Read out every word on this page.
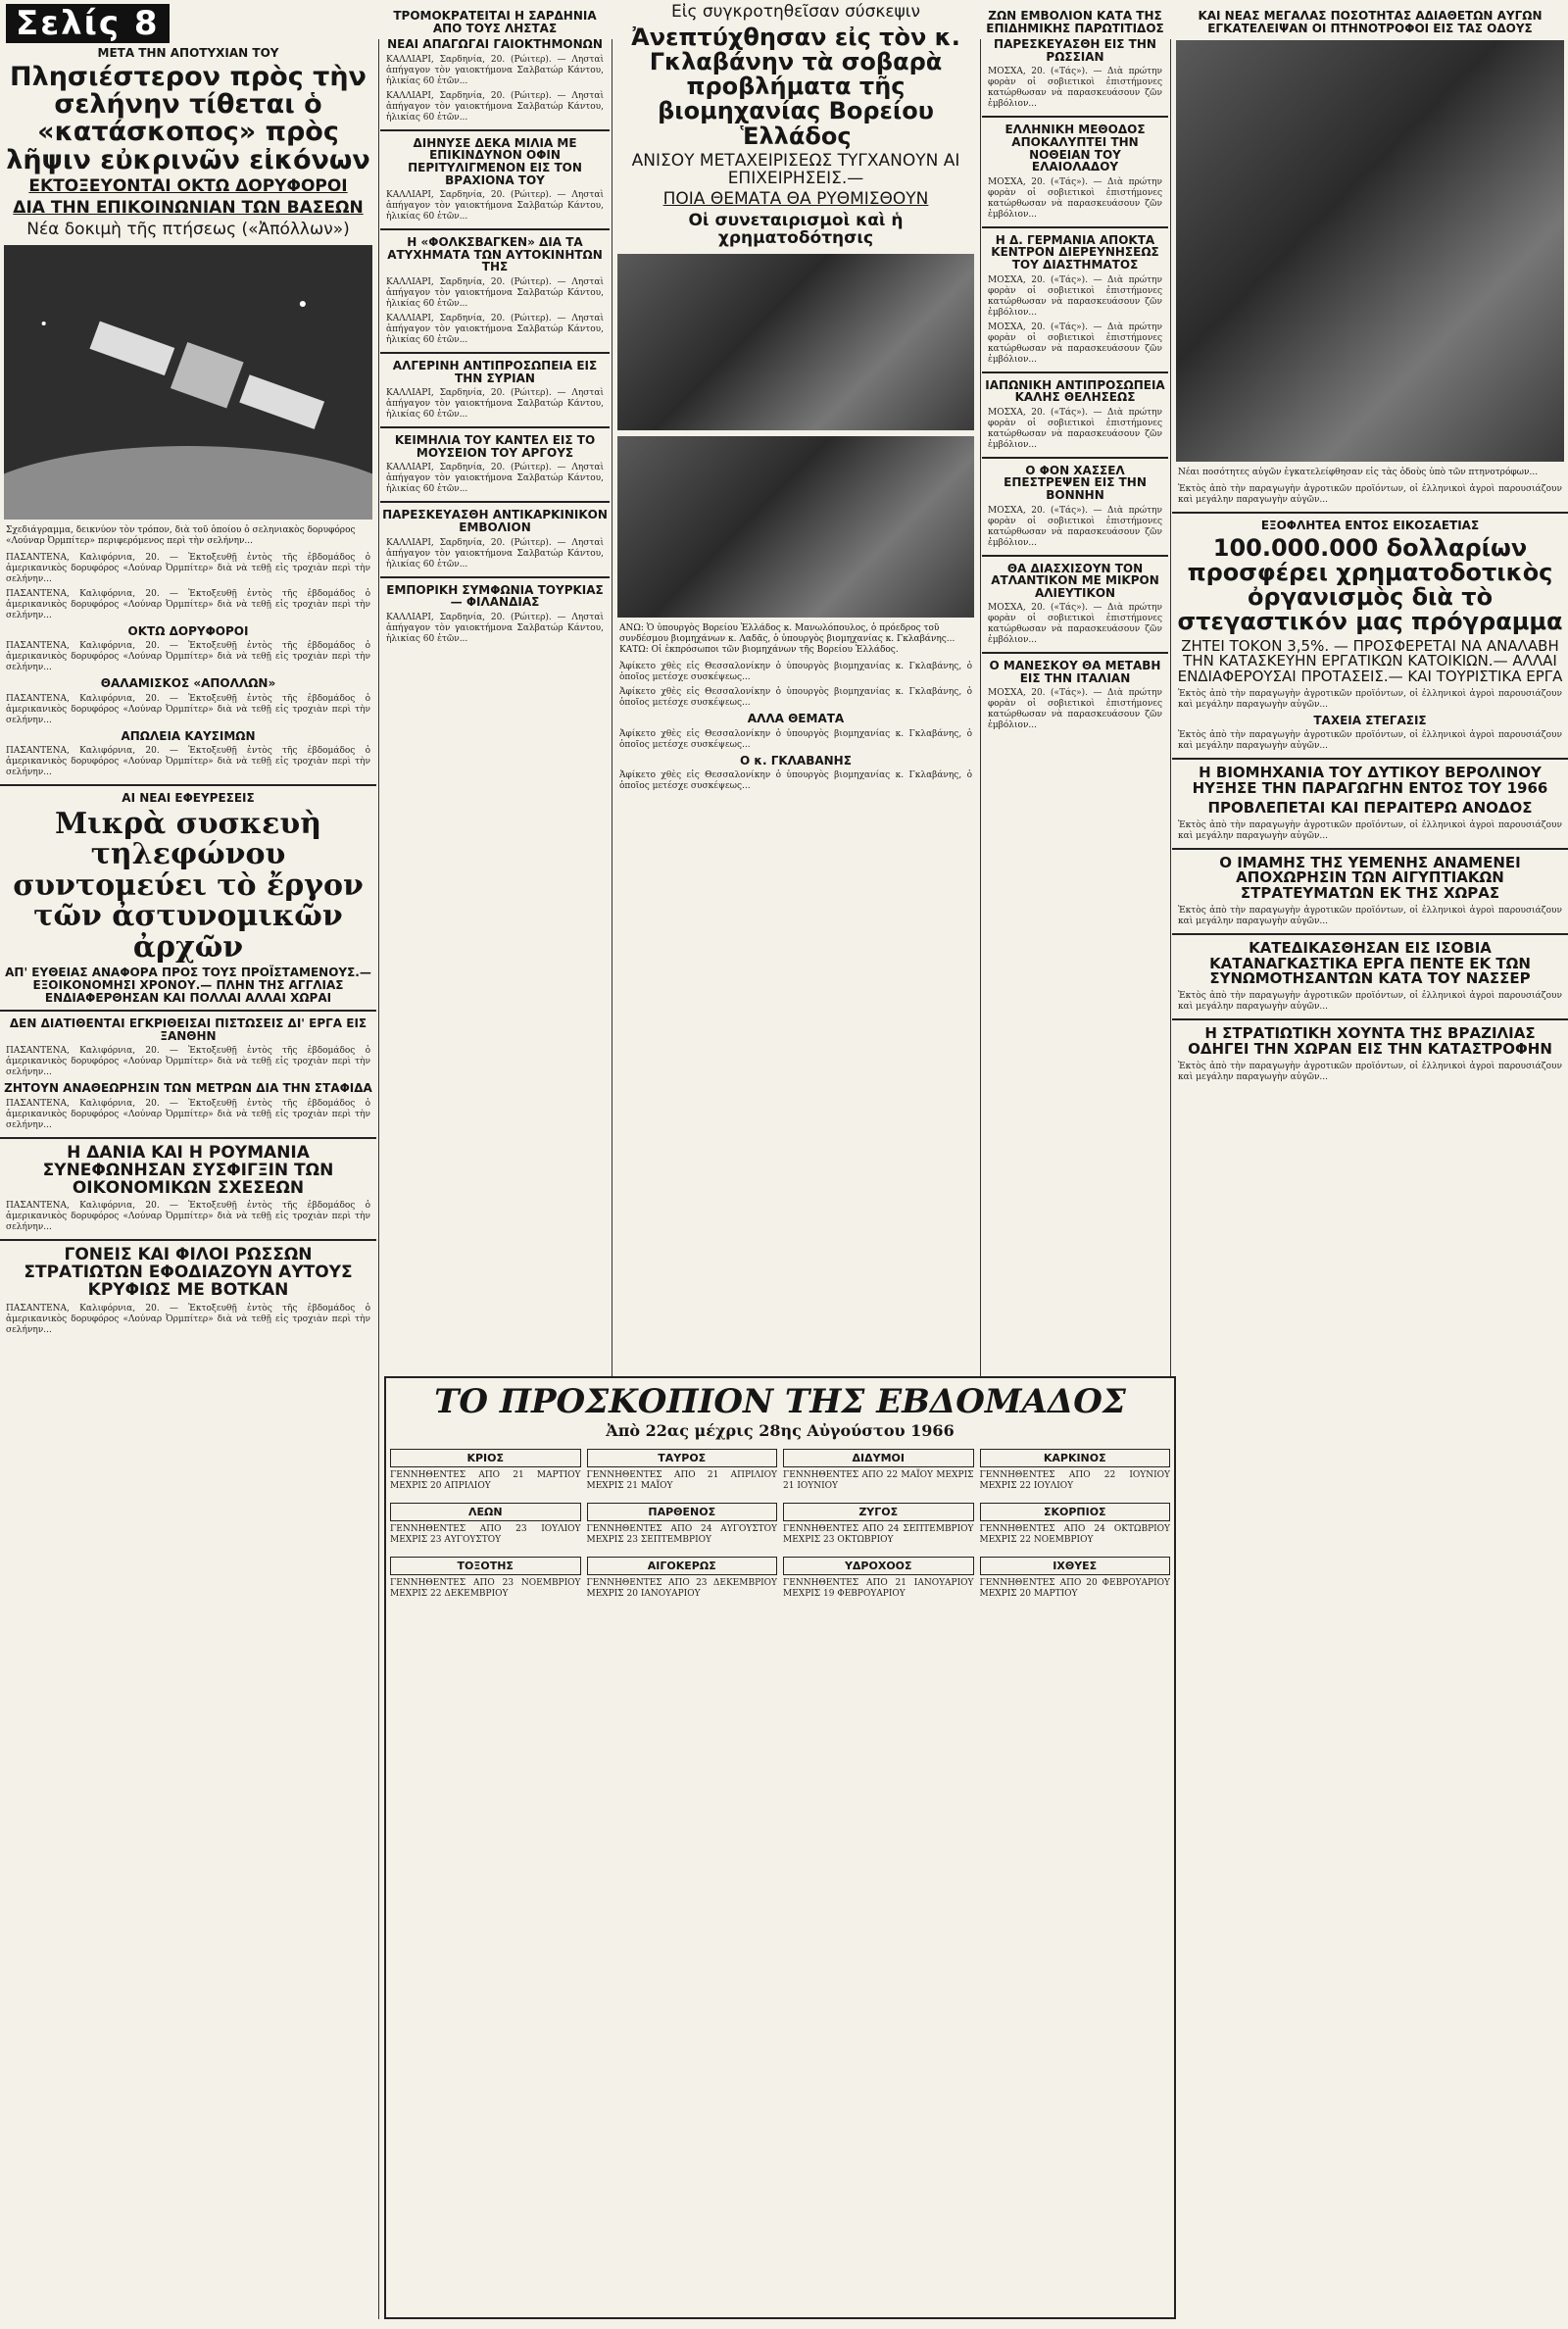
Σελίς 8
ΜΕΤΑ ΤΗΝ ΑΠΟΤΥΧΙΑΝ ΤΟΥ
Πλησιέστερον πρὸς τὴν σελήνην τίθεται ὁ «κατάσκοπος» πρὸς λῆψιν εὐκρινῶν εἰκόνων
ΕΚΤΟΞΕΥΟΝΤΑΙ ΟΚΤΩ ΔΟΡΥΦΟΡΟΙ
ΔΙΑ ΤΗΝ ΕΠΙΚΟΙΝΩΝΙΑΝ ΤΩΝ ΒΑΣΕΩΝ
Νέα δοκιμὴ τῆς πτήσεως («Ἀπόλλων»)
Σχεδιάγραμμα, δεικνύον τὸν τρόπον, διὰ τοῦ ὁποίου ὁ σεληνιακὸς δορυφόρος «Λούναρ Ὀρμπίτερ» περιφερόμενος περὶ τὴν σελήνην...
ΠΑΣΑΝΤΕΝΑ, Καλιφόρνια, 20. — Ἐκτοξευθῇ ἐντὸς τῆς ἑβδομάδος ὁ ἀμερικανικὸς δορυφόρος «Λούναρ Ὀρμπίτερ» διὰ νὰ τεθῇ εἰς τροχιὰν περὶ τὴν σελήνην...
ΠΑΣΑΝΤΕΝΑ, Καλιφόρνια, 20. — Ἐκτοξευθῇ ἐντὸς τῆς ἑβδομάδος ὁ ἀμερικανικὸς δορυφόρος «Λούναρ Ὀρμπίτερ» διὰ νὰ τεθῇ εἰς τροχιὰν περὶ τὴν σελήνην...
ΟΚΤΩ ΔΟΡΥΦΟΡΟΙ
ΠΑΣΑΝΤΕΝΑ, Καλιφόρνια, 20. — Ἐκτοξευθῇ ἐντὸς τῆς ἑβδομάδος ὁ ἀμερικανικὸς δορυφόρος «Λούναρ Ὀρμπίτερ» διὰ νὰ τεθῇ εἰς τροχιὰν περὶ τὴν σελήνην...
ΘΑΛΑΜΙΣΚΟΣ «ΑΠΟΛΛΩΝ»
ΠΑΣΑΝΤΕΝΑ, Καλιφόρνια, 20. — Ἐκτοξευθῇ ἐντὸς τῆς ἑβδομάδος ὁ ἀμερικανικὸς δορυφόρος «Λούναρ Ὀρμπίτερ» διὰ νὰ τεθῇ εἰς τροχιὰν περὶ τὴν σελήνην...
ΑΠΩΛΕΙΑ ΚΑΥΣΙΜΩΝ
ΠΑΣΑΝΤΕΝΑ, Καλιφόρνια, 20. — Ἐκτοξευθῇ ἐντὸς τῆς ἑβδομάδος ὁ ἀμερικανικὸς δορυφόρος «Λούναρ Ὀρμπίτερ» διὰ νὰ τεθῇ εἰς τροχιὰν περὶ τὴν σελήνην...
ΑΙ ΝΕΑΙ ΕΦΕΥΡΕΣΕΙΣ
Μικρὰ συσκευὴ τηλεφώνου συντομεύει τὸ ἔργον τῶν ἀστυνομικῶν ἀρχῶν
ΑΠ' ΕΥΘΕΙΑΣ ΑΝΑΦΟΡΑ ΠΡΟΣ ΤΟΥΣ ΠΡΟΪΣΤΑΜΕΝΟΥΣ.— ΕΞΟΙΚΟΝΟΜΗΣΙ ΧΡΟΝΟΥ.— ΠΛΗΝ ΤΗΣ ΑΓΓΛΙΑΣ ΕΝΔΙΑΦΕΡΘΗΣΑΝ ΚΑΙ ΠΟΛΛΑΙ ΑΛΛΑΙ ΧΩΡΑΙ
ΔΕΝ ΔΙΑΤΙΘΕΝΤΑΙ ΕΓΚΡΙΘΕΙΣΑΙ ΠΙΣΤΩΣΕΙΣ ΔΙ' ΕΡΓΑ ΕΙΣ ΞΑΝΘΗΝ
ΠΑΣΑΝΤΕΝΑ, Καλιφόρνια, 20. — Ἐκτοξευθῇ ἐντὸς τῆς ἑβδομάδος ὁ ἀμερικανικὸς δορυφόρος «Λούναρ Ὀρμπίτερ» διὰ νὰ τεθῇ εἰς τροχιὰν περὶ τὴν σελήνην...
ΖΗΤΟΥΝ ΑΝΑΘΕΩΡΗΣΙΝ ΤΩΝ ΜΕΤΡΩΝ ΔΙΑ ΤΗΝ ΣΤΑΦΙΔΑ
ΠΑΣΑΝΤΕΝΑ, Καλιφόρνια, 20. — Ἐκτοξευθῇ ἐντὸς τῆς ἑβδομάδος ὁ ἀμερικανικὸς δορυφόρος «Λούναρ Ὀρμπίτερ» διὰ νὰ τεθῇ εἰς τροχιὰν περὶ τὴν σελήνην...
Η ΔΑΝΙΑ ΚΑΙ Η ΡΟΥΜΑΝΙΑ ΣΥΝΕΦΩΝΗΣΑΝ ΣΥΣΦΙΓΞΙΝ ΤΩΝ ΟΙΚΟΝΟΜΙΚΩΝ ΣΧΕΣΕΩΝ
ΠΑΣΑΝΤΕΝΑ, Καλιφόρνια, 20. — Ἐκτοξευθῇ ἐντὸς τῆς ἑβδομάδος ὁ ἀμερικανικὸς δορυφόρος «Λούναρ Ὀρμπίτερ» διὰ νὰ τεθῇ εἰς τροχιὰν περὶ τὴν σελήνην...
ΓΟΝΕΙΣ ΚΑΙ ΦΙΛΟΙ ΡΩΣΣΩΝ ΣΤΡΑΤΙΩΤΩΝ ΕΦΟΔΙΑΖΟΥΝ ΑΥΤΟΥΣ ΚΡΥΦΙΩΣ ΜΕ ΒΟΤΚΑΝ
ΠΑΣΑΝΤΕΝΑ, Καλιφόρνια, 20. — Ἐκτοξευθῇ ἐντὸς τῆς ἑβδομάδος ὁ ἀμερικανικὸς δορυφόρος «Λούναρ Ὀρμπίτερ» διὰ νὰ τεθῇ εἰς τροχιὰν περὶ τὴν σελήνην...
ΤΡΟΜΟΚΡΑΤΕΙΤΑΙ Η ΣΑΡΔΗΝΙΑ ΑΠΟ ΤΟΥΣ ΛΗΣΤΑΣ
ΝΕΑΙ ΑΠΑΓΩΓΑΙ ΓΑΙΟΚΤΗΜΟΝΩΝ
ΚΑΛΛΙΑΡΙ, Σαρδηνία, 20. (Ρώιτερ). — Λησταὶ ἀπήγαγον τὸν γαιοκτήμονα Σαλβατώρ Κάντου, ἡλικίας 60 ἐτῶν...
ΚΑΛΛΙΑΡΙ, Σαρδηνία, 20. (Ρώιτερ). — Λησταὶ ἀπήγαγον τὸν γαιοκτήμονα Σαλβατώρ Κάντου, ἡλικίας 60 ἐτῶν...
ΔΙΗΝΥΣΕ ΔΕΚΑ ΜΙΛΙΑ ΜΕ ΕΠΙΚΙΝΔΥΝΟΝ ΟΦΙΝ ΠΕΡΙΤΥΛΙΓΜΕΝΟΝ ΕΙΣ ΤΟΝ ΒΡΑΧΙΟΝΑ ΤΟΥ
ΚΑΛΛΙΑΡΙ, Σαρδηνία, 20. (Ρώιτερ). — Λησταὶ ἀπήγαγον τὸν γαιοκτήμονα Σαλβατώρ Κάντου, ἡλικίας 60 ἐτῶν...
Η «ΦΟΛΚΣΒΑΓΚΕΝ» ΔΙΑ ΤΑ ΑΤΥΧΗΜΑΤΑ ΤΩΝ ΑΥΤΟΚΙΝΗΤΩΝ ΤΗΣ
ΚΑΛΛΙΑΡΙ, Σαρδηνία, 20. (Ρώιτερ). — Λησταὶ ἀπήγαγον τὸν γαιοκτήμονα Σαλβατώρ Κάντου, ἡλικίας 60 ἐτῶν...
ΚΑΛΛΙΑΡΙ, Σαρδηνία, 20. (Ρώιτερ). — Λησταὶ ἀπήγαγον τὸν γαιοκτήμονα Σαλβατώρ Κάντου, ἡλικίας 60 ἐτῶν...
ΑΛΓΕΡΙΝΗ ΑΝΤΙΠΡΟΣΩΠΕΙΑ ΕΙΣ ΤΗΝ ΣΥΡΙΑΝ
ΚΑΛΛΙΑΡΙ, Σαρδηνία, 20. (Ρώιτερ). — Λησταὶ ἀπήγαγον τὸν γαιοκτήμονα Σαλβατώρ Κάντου, ἡλικίας 60 ἐτῶν...
ΚΕΙΜΗΛΙΑ ΤΟΥ ΚΑΝΤΕΛ ΕΙΣ ΤΟ ΜΟΥΣΕΙΟΝ ΤΟΥ ΑΡΓΟΥΣ
ΚΑΛΛΙΑΡΙ, Σαρδηνία, 20. (Ρώιτερ). — Λησταὶ ἀπήγαγον τὸν γαιοκτήμονα Σαλβατώρ Κάντου, ἡλικίας 60 ἐτῶν...
ΠΑΡΕΣΚΕΥΑΣΘΗ ΑΝΤΙΚΑΡΚΙΝΙΚΟΝ ΕΜΒΟΛΙΟΝ
ΚΑΛΛΙΑΡΙ, Σαρδηνία, 20. (Ρώιτερ). — Λησταὶ ἀπήγαγον τὸν γαιοκτήμονα Σαλβατώρ Κάντου, ἡλικίας 60 ἐτῶν...
ΕΜΠΟΡΙΚΗ ΣΥΜΦΩΝΙΑ ΤΟΥΡΚΙΑΣ — ΦΙΛΑΝΔΙΑΣ
ΚΑΛΛΙΑΡΙ, Σαρδηνία, 20. (Ρώιτερ). — Λησταὶ ἀπήγαγον τὸν γαιοκτήμονα Σαλβατώρ Κάντου, ἡλικίας 60 ἐτῶν...
Εἰς συγκροτηθεῖσαν σύσκεψιν
Ἀνεπτύχθησαν εἰς τὸν κ. Γκλαβάνην τὰ σοβαρὰ προβλήματα τῆς βιομηχανίας Βορείου Ἑλλάδος
ΑΝΙΣΟΥ ΜΕΤΑΧΕΙΡΙΣΕΩΣ ΤΥΓΧΑΝΟΥΝ ΑΙ ΕΠΙΧΕΙΡΗΣΕΙΣ.—
ΠΟΙΑ ΘΕΜΑΤΑ ΘΑ ΡΥΘΜΙΣΘΟΥΝ
Οἱ συνεταιρισμοὶ καὶ ἡ χρηματοδότησις
ΑΝΩ: Ὁ ὑπουργὸς Βορείου Ἑλλάδος κ. Μανωλόπουλος, ὁ πρόεδρος τοῦ συνδέσμου βιομηχάνων κ. Λαδᾶς, ὁ ὑπουργὸς βιομηχανίας κ. Γκλαβάνης... ΚΑΤΩ: Οἱ ἐκπρόσωποι τῶν βιομηχάνων τῆς Βορείου Ἑλλάδος.
Ἀφίκετο χθὲς εἰς Θεσσαλονίκην ὁ ὑπουργὸς βιομηχανίας κ. Γκλαβάνης, ὁ ὁποῖος μετέσχε συσκέψεως...
Ἀφίκετο χθὲς εἰς Θεσσαλονίκην ὁ ὑπουργὸς βιομηχανίας κ. Γκλαβάνης, ὁ ὁποῖος μετέσχε συσκέψεως...
ΑΛΛΑ ΘΕΜΑΤΑ
Ἀφίκετο χθὲς εἰς Θεσσαλονίκην ὁ ὑπουργὸς βιομηχανίας κ. Γκλαβάνης, ὁ ὁποῖος μετέσχε συσκέψεως...
Ο κ. ΓΚΛΑΒΑΝΗΣ
Ἀφίκετο χθὲς εἰς Θεσσαλονίκην ὁ ὑπουργὸς βιομηχανίας κ. Γκλαβάνης, ὁ ὁποῖος μετέσχε συσκέψεως...
ΖΩΝ ΕΜΒΟΛΙΟΝ ΚΑΤΑ ΤΗΣ ΕΠΙΔΗΜΙΚΗΣ ΠΑΡΩΤΙΤΙΔΟΣ
ΠΑΡΕΣΚΕΥΑΣΘΗ ΕΙΣ ΤΗΝ ΡΩΣΣΙΑΝ
ΜΟΣΧΑ, 20. («Τάς»). — Διὰ πρώτην φορὰν οἱ σοβιετικοὶ ἐπιστήμονες κατώρθωσαν νὰ παρασκευάσουν ζῶν ἐμβόλιον...
ΕΛΛΗΝΙΚΗ ΜΕΘΟΔΟΣ ΑΠΟΚΑΛΥΠΤΕΙ ΤΗΝ ΝΟΘΕΙΑΝ ΤΟΥ ΕΛΑΙΟΛΑΔΟΥ
ΜΟΣΧΑ, 20. («Τάς»). — Διὰ πρώτην φορὰν οἱ σοβιετικοὶ ἐπιστήμονες κατώρθωσαν νὰ παρασκευάσουν ζῶν ἐμβόλιον...
Η Δ. ΓΕΡΜΑΝΙΑ ΑΠΟΚΤΑ ΚΕΝΤΡΟΝ ΔΙΕΡΕΥΝΗΣΕΩΣ ΤΟΥ ΔΙΑΣΤΗΜΑΤΟΣ
ΜΟΣΧΑ, 20. («Τάς»). — Διὰ πρώτην φορὰν οἱ σοβιετικοὶ ἐπιστήμονες κατώρθωσαν νὰ παρασκευάσουν ζῶν ἐμβόλιον...
ΜΟΣΧΑ, 20. («Τάς»). — Διὰ πρώτην φορὰν οἱ σοβιετικοὶ ἐπιστήμονες κατώρθωσαν νὰ παρασκευάσουν ζῶν ἐμβόλιον...
ΙΑΠΩΝΙΚΗ ΑΝΤΙΠΡΟΣΩΠΕΙΑ ΚΑΛΗΣ ΘΕΛΗΣΕΩΣ
ΜΟΣΧΑ, 20. («Τάς»). — Διὰ πρώτην φορὰν οἱ σοβιετικοὶ ἐπιστήμονες κατώρθωσαν νὰ παρασκευάσουν ζῶν ἐμβόλιον...
Ο ΦΟΝ ΧΑΣΣΕΛ ΕΠΕΣΤΡΕΨΕΝ ΕΙΣ ΤΗΝ ΒΟΝΝΗΝ
ΜΟΣΧΑ, 20. («Τάς»). — Διὰ πρώτην φορὰν οἱ σοβιετικοὶ ἐπιστήμονες κατώρθωσαν νὰ παρασκευάσουν ζῶν ἐμβόλιον...
ΘΑ ΔΙΑΣΧΙΣΟΥΝ ΤΟΝ ΑΤΛΑΝΤΙΚΟΝ ΜΕ ΜΙΚΡΟΝ ΑΛΙΕΥΤΙΚΟΝ
ΜΟΣΧΑ, 20. («Τάς»). — Διὰ πρώτην φορὰν οἱ σοβιετικοὶ ἐπιστήμονες κατώρθωσαν νὰ παρασκευάσουν ζῶν ἐμβόλιον...
Ο ΜΑΝΕΣΚΟΥ ΘΑ ΜΕΤΑΒΗ ΕΙΣ ΤΗΝ ΙΤΑΛΙΑΝ
ΜΟΣΧΑ, 20. («Τάς»). — Διὰ πρώτην φορὰν οἱ σοβιετικοὶ ἐπιστήμονες κατώρθωσαν νὰ παρασκευάσουν ζῶν ἐμβόλιον...
ΚΑΙ ΝΕΑΣ ΜΕΓΑΛΑΣ ΠΟΣΟΤΗΤΑΣ ΑΔΙΑΘΕΤΩΝ ΑΥΓΩΝ ΕΓΚΑΤΕΛΕΙΨΑΝ ΟΙ ΠΤΗΝΟΤΡΟΦΟΙ ΕΙΣ ΤΑΣ ΟΔΟΥΣ
Νέαι ποσότητες αὐγῶν ἐγκατελείφθησαν εἰς τὰς ὁδοὺς ὑπὸ τῶν πτηνοτρόφων...
Ἐκτὸς ἀπὸ τὴν παραγωγὴν ἀγροτικῶν προϊόντων, οἱ ἑλληνικοὶ ἀγροὶ παρουσιάζουν καὶ μεγάλην παραγωγὴν αὐγῶν...
ΕΞΟΦΛΗΤΕΑ ΕΝΤΟΣ ΕΙΚΟΣΑΕΤΙΑΣ
100.000.000 δολλαρίων προσφέρει χρηματοδοτικὸς ὀργανισμὸς διὰ τὸ στεγαστικόν μας πρόγραμμα
ΖΗΤΕΙ ΤΟΚΟΝ 3,5%. — ΠΡΟΣΦΕΡΕΤΑΙ ΝΑ ΑΝΑΛΑΒΗ ΤΗΝ ΚΑΤΑΣΚΕΥΗΝ ΕΡΓΑΤΙΚΩΝ ΚΑΤΟΙΚΙΩΝ.— ΑΛΛΑΙ ΕΝΔΙΑΦΕΡΟΥΣΑΙ ΠΡΟΤΑΣΕΙΣ.— ΚΑΙ ΤΟΥΡΙΣΤΙΚΑ ΕΡΓΑ
Ἐκτὸς ἀπὸ τὴν παραγωγὴν ἀγροτικῶν προϊόντων, οἱ ἑλληνικοὶ ἀγροὶ παρουσιάζουν καὶ μεγάλην παραγωγὴν αὐγῶν...
ΤΑΧΕΙΑ ΣΤΕΓΑΣΙΣ
Ἐκτὸς ἀπὸ τὴν παραγωγὴν ἀγροτικῶν προϊόντων, οἱ ἑλληνικοὶ ἀγροὶ παρουσιάζουν καὶ μεγάλην παραγωγὴν αὐγῶν...
Η ΒΙΟΜΗΧΑΝΙΑ ΤΟΥ ΔΥΤΙΚΟΥ ΒΕΡΟΛΙΝΟΥ ΗΥΞΗΣΕ ΤΗΝ ΠΑΡΑΓΩΓΗΝ ΕΝΤΟΣ ΤΟΥ 1966
ΠΡΟΒΛΕΠΕΤΑΙ ΚΑΙ ΠΕΡΑΙΤΕΡΩ ΑΝΟΔΟΣ
Ἐκτὸς ἀπὸ τὴν παραγωγὴν ἀγροτικῶν προϊόντων, οἱ ἑλληνικοὶ ἀγροὶ παρουσιάζουν καὶ μεγάλην παραγωγὴν αὐγῶν...
Ο ΙΜΑΜΗΣ ΤΗΣ ΥΕΜΕΝΗΣ ΑΝΑΜΕΝΕΙ ΑΠΟΧΩΡΗΣΙΝ ΤΩΝ ΑΙΓΥΠΤΙΑΚΩΝ ΣΤΡΑΤΕΥΜΑΤΩΝ ΕΚ ΤΗΣ ΧΩΡΑΣ
Ἐκτὸς ἀπὸ τὴν παραγωγὴν ἀγροτικῶν προϊόντων, οἱ ἑλληνικοὶ ἀγροὶ παρουσιάζουν καὶ μεγάλην παραγωγὴν αὐγῶν...
ΚΑΤΕΔΙΚΑΣΘΗΣΑΝ ΕΙΣ ΙΣΟΒΙΑ ΚΑΤΑΝΑΓΚΑΣΤΙΚΑ ΕΡΓΑ ΠΕΝΤΕ ΕΚ ΤΩΝ ΣΥΝΩΜΟΤΗΣΑΝΤΩΝ ΚΑΤΑ ΤΟΥ ΝΑΣΣΕΡ
Ἐκτὸς ἀπὸ τὴν παραγωγὴν ἀγροτικῶν προϊόντων, οἱ ἑλληνικοὶ ἀγροὶ παρουσιάζουν καὶ μεγάλην παραγωγὴν αὐγῶν...
Η ΣΤΡΑΤΙΩΤΙΚΗ ΧΟΥΝΤΑ ΤΗΣ ΒΡΑΖΙΛΙΑΣ ΟΔΗΓΕΙ ΤΗΝ ΧΩΡΑΝ ΕΙΣ ΤΗΝ ΚΑΤΑΣΤΡΟΦΗΝ
Ἐκτὸς ἀπὸ τὴν παραγωγὴν ἀγροτικῶν προϊόντων, οἱ ἑλληνικοὶ ἀγροὶ παρουσιάζουν καὶ μεγάλην παραγωγὴν αὐγῶν...
ΤΟ ΠΡΟΣΚΟΠΙΟΝ ΤΗΣ ΕΒΔΟΜΑΔΟΣ
Ἀπὸ 22ας μέχρις 28ης Αὐγούστου 1966
ΚΡΙΟΣ
ΓΕΝΝΗΘΕΝΤΕΣ ΑΠΟ 21 ΜΑΡΤΙΟΥ ΜΕΧΡΙΣ 20 ΑΠΡΙΛΙΟΥ
ΤΑΥΡΟΣ
ΓΕΝΝΗΘΕΝΤΕΣ ΑΠΟ 21 ΑΠΡΙΛΙΟΥ ΜΕΧΡΙΣ 21 ΜΑΪΟΥ
ΔΙΔΥΜΟΙ
ΓΕΝΝΗΘΕΝΤΕΣ ΑΠΟ 22 ΜΑΪΟΥ ΜΕΧΡΙΣ 21 ΙΟΥΝΙΟΥ
ΚΑΡΚΙΝΟΣ
ΓΕΝΝΗΘΕΝΤΕΣ ΑΠΟ 22 ΙΟΥΝΙΟΥ ΜΕΧΡΙΣ 22 ΙΟΥΛΙΟΥ
ΛΕΩΝ
ΓΕΝΝΗΘΕΝΤΕΣ ΑΠΟ 23 ΙΟΥΛΙΟΥ ΜΕΧΡΙΣ 23 ΑΥΓΟΥΣΤΟΥ
ΠΑΡΘΕΝΟΣ
ΓΕΝΝΗΘΕΝΤΕΣ ΑΠΟ 24 ΑΥΓΟΥΣΤΟΥ ΜΕΧΡΙΣ 23 ΣΕΠΤΕΜΒΡΙΟΥ
ΖΥΓΟΣ
ΓΕΝΝΗΘΕΝΤΕΣ ΑΠΟ 24 ΣΕΠΤΕΜΒΡΙΟΥ ΜΕΧΡΙΣ 23 ΟΚΤΩΒΡΙΟΥ
ΣΚΟΡΠΙΟΣ
ΓΕΝΝΗΘΕΝΤΕΣ ΑΠΟ 24 ΟΚΤΩΒΡΙΟΥ ΜΕΧΡΙΣ 22 ΝΟΕΜΒΡΙΟΥ
ΤΟΞΟΤΗΣ
ΓΕΝΝΗΘΕΝΤΕΣ ΑΠΟ 23 ΝΟΕΜΒΡΙΟΥ ΜΕΧΡΙΣ 22 ΔΕΚΕΜΒΡΙΟΥ
ΑΙΓΟΚΕΡΩΣ
ΓΕΝΝΗΘΕΝΤΕΣ ΑΠΟ 23 ΔΕΚΕΜΒΡΙΟΥ ΜΕΧΡΙΣ 20 ΙΑΝΟΥΑΡΙΟΥ
ΥΔΡΟΧΟΟΣ
ΓΕΝΝΗΘΕΝΤΕΣ ΑΠΟ 21 ΙΑΝΟΥΑΡΙΟΥ ΜΕΧΡΙΣ 19 ΦΕΒΡΟΥΑΡΙΟΥ
ΙΧΘΥΕΣ
ΓΕΝΝΗΘΕΝΤΕΣ ΑΠΟ 20 ΦΕΒΡΟΥΑΡΙΟΥ ΜΕΧΡΙΣ 20 ΜΑΡΤΙΟΥ
